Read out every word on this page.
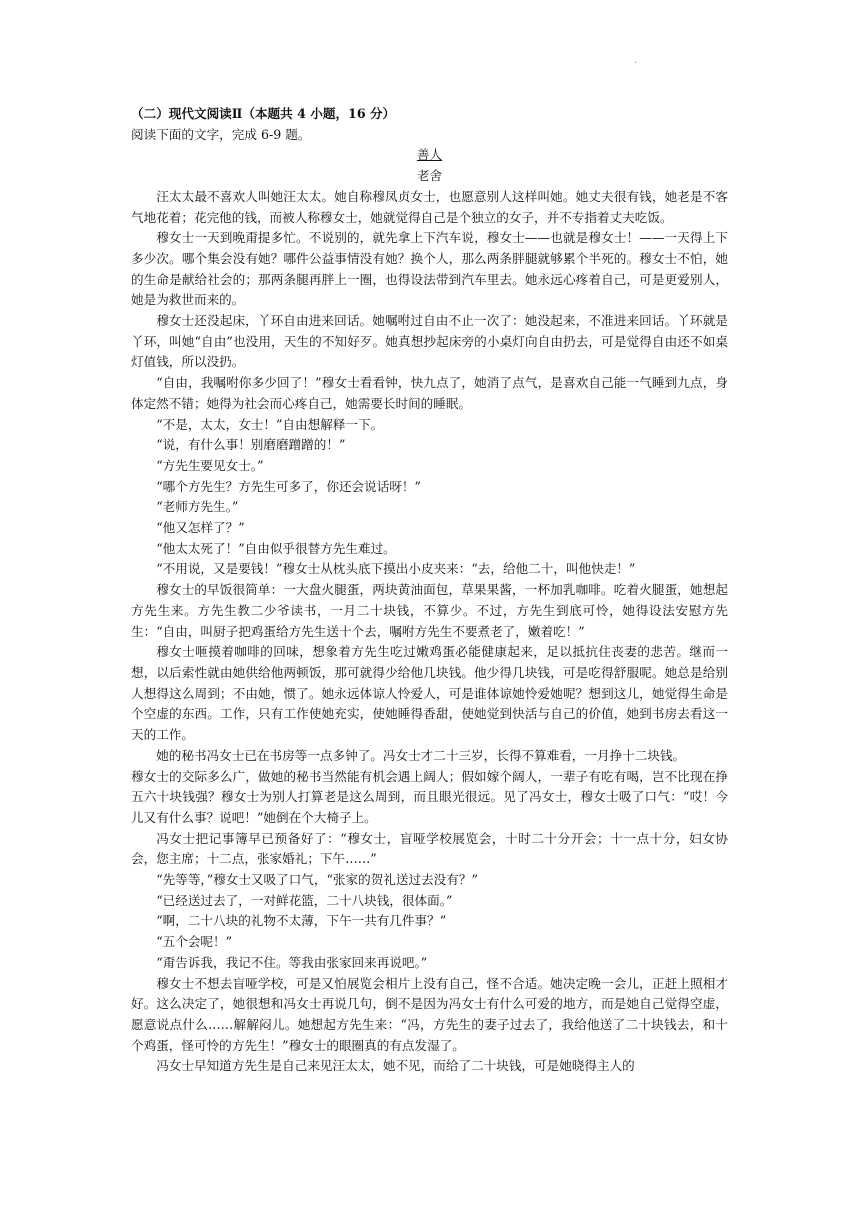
·

（二）现代文阅读Ⅱ（本题共 4 小题，16 分）

阅读下面的文字，完成 6-9 题。

善人

老舍

汪太太最不喜欢人叫她汪太太。她自称穆凤贞女士，也愿意别人这样叫她。她丈夫很有钱，她老是不客气地花着；花完他的钱，而被人称穆女士，她就觉得自己是个独立的女子，并不专指着丈夫吃饭。

穆女士一天到晚甭提多忙。不说别的，就先拿上下汽车说，穆女士——也就是穆女士！——一天得上下多少次。哪个集会没有她？哪件公益事情没有她？换个人，那么两条胖腿就够累个半死的。穆女士不怕，她的生命是献给社会的；那两条腿再胖上一圈，也得设法带到汽车里去。她永远心疼着自己，可是更爱别人，她是为救世而来的。

穆女士还没起床，丫环自由进来回话。她嘱咐过自由不止一次了：她没起来，不准进来回话。丫环就是丫环，叫她“自由”也没用，天生的不知好歹。她真想抄起床旁的小桌灯向自由扔去，可是觉得自由还不如桌灯值钱，所以没扔。

“自由，我嘱咐你多少回了！”穆女士看看钟，快九点了，她消了点气，是喜欢自己能一气睡到九点，身体定然不错；她得为社会而心疼自己，她需要长时间的睡眠。

“不是，太太，女士！”自由想解释一下。

“说，有什么事！别磨磨蹭蹭的！”

“方先生要见女士。”

“哪个方先生？方先生可多了，你还会说话呀！”

“老师方先生。”

“他又怎样了？”

“他太太死了！”自由似乎很替方先生难过。

“不用说，又是要钱！”穆女士从枕头底下摸出小皮夹来：“去，给他二十，叫他快走！”

穆女士的早饭很简单：一大盘火腿蛋，两块黄油面包，草果果酱，一杯加乳咖啡。吃着火腿蛋，她想起方先生来。方先生教二少爷读书，一月二十块钱，不算少。不过，方先生到底可怜，她得设法安慰方先生：“自由，叫厨子把鸡蛋给方先生送十个去，嘱咐方先生不要煮老了，嫩着吃！”

穆女士咂摸着咖啡的回味，想象着方先生吃过嫩鸡蛋必能健康起来，足以抵抗住丧妻的悲苦。继而一想，以后索性就由她供给他两顿饭，那可就得少给他几块钱。他少得几块钱，可是吃得舒服呢。她总是给别人想得这么周到；不由她，惯了。她永远体谅人怜爱人，可是谁体谅她怜爱她呢？想到这儿，她觉得生命是个空虚的东西。工作，只有工作使她充实，使她睡得香甜，使她觉到快活与自己的价值，她到书房去看这一天的工作。

她的秘书冯女士已在书房等一点多钟了。冯女士才二十三岁，长得不算难看，一月挣十二块钱。

穆女士的交际多么广，做她的秘书当然能有机会遇上阔人；假如嫁个阔人，一辈子有吃有喝，岂不比现在挣五六十块钱强？穆女士为别人打算老是这么周到，而且眼光很远。见了冯女士，穆女士吸了口气：“哎！今儿又有什么事？说吧！”她倒在个大椅子上。

冯女士把记事簿早已预备好了：“穆女士，盲哑学校展览会，十时二十分开会；十一点十分，妇女协会，您主席；十二点，张家婚礼；下午……”

“先等等，”穆女士又吸了口气，“张家的贺礼送过去没有？”

“已经送过去了，一对鲜花篮，二十八块钱，很体面。”

“啊，二十八块的礼物不太薄，下午一共有几件事？”

“五个会呢！”

“甭告诉我，我记不住。等我由张家回来再说吧。”

穆女士不想去盲哑学校，可是又怕展览会相片上没有自己，怪不合适。她决定晚一会儿，正赶上照相才好。这么决定了，她很想和冯女士再说几句，倒不是因为冯女士有什么可爱的地方，而是她自己觉得空虚，愿意说点什么……解解闷儿。她想起方先生来：“冯，方先生的妻子过去了，我给他送了二十块钱去，和十个鸡蛋，怪可怜的方先生！”穆女士的眼圈真的有点发湿了。

冯女士早知道方先生是自己来见汪太太，她不见，而给了二十块钱，可是她晓得主人的
